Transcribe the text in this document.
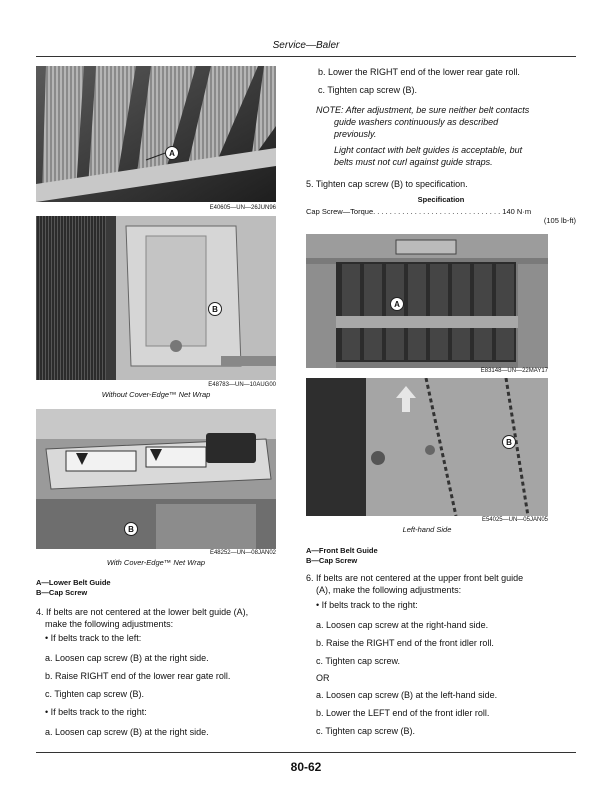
Service—Baler
A
E40605—UN—26JUN96
B
E48783—UN—10AUG00
Without Cover-Edge™ Net Wrap
B
E48252—UN—08JAN02
With Cover-Edge™ Net Wrap
A—Lower Belt Guide
B—Cap Screw
4. If belts are not centered at the lower belt guide (A),
make the following adjustments:
• If belts track to the left:
a. Loosen cap screw (B) at the right side.
b. Raise RIGHT end of the lower rear gate roll.
c. Tighten cap screw (B).
• If belts track to the right:
a. Loosen cap screw (B) at the right side.
b. Lower the RIGHT end of the lower rear gate roll.
c. Tighten cap screw (B).
NOTE: After adjustment, be sure neither belt contacts
guide washers continuously as described
previously.
Light contact with belt guides is acceptable, but
belts must not curl against guide straps.
5. Tighten cap screw (B) to specification.
Specification
Cap Screw—Torque. . . . . . . . . . . . . . . . . . . . . . . . . . . . . . . 140 N·m
(105 lb-ft)
A
E83148—UN—22MAY17
B
E54025—UN—05JAN05
Left-hand Side
A—Front Belt Guide
B—Cap Screw
6. If belts are not centered at the upper front belt guide
(A), make the following adjustments:
• If belts track to the right:
a. Loosen cap screw at the right-hand side.
b. Raise the RIGHT end of the front idler roll.
c. Tighten cap screw.
OR
a. Loosen cap screw (B) at the left-hand side.
b. Lower the LEFT end of the front idler roll.
c. Tighten cap screw (B).
80-62
